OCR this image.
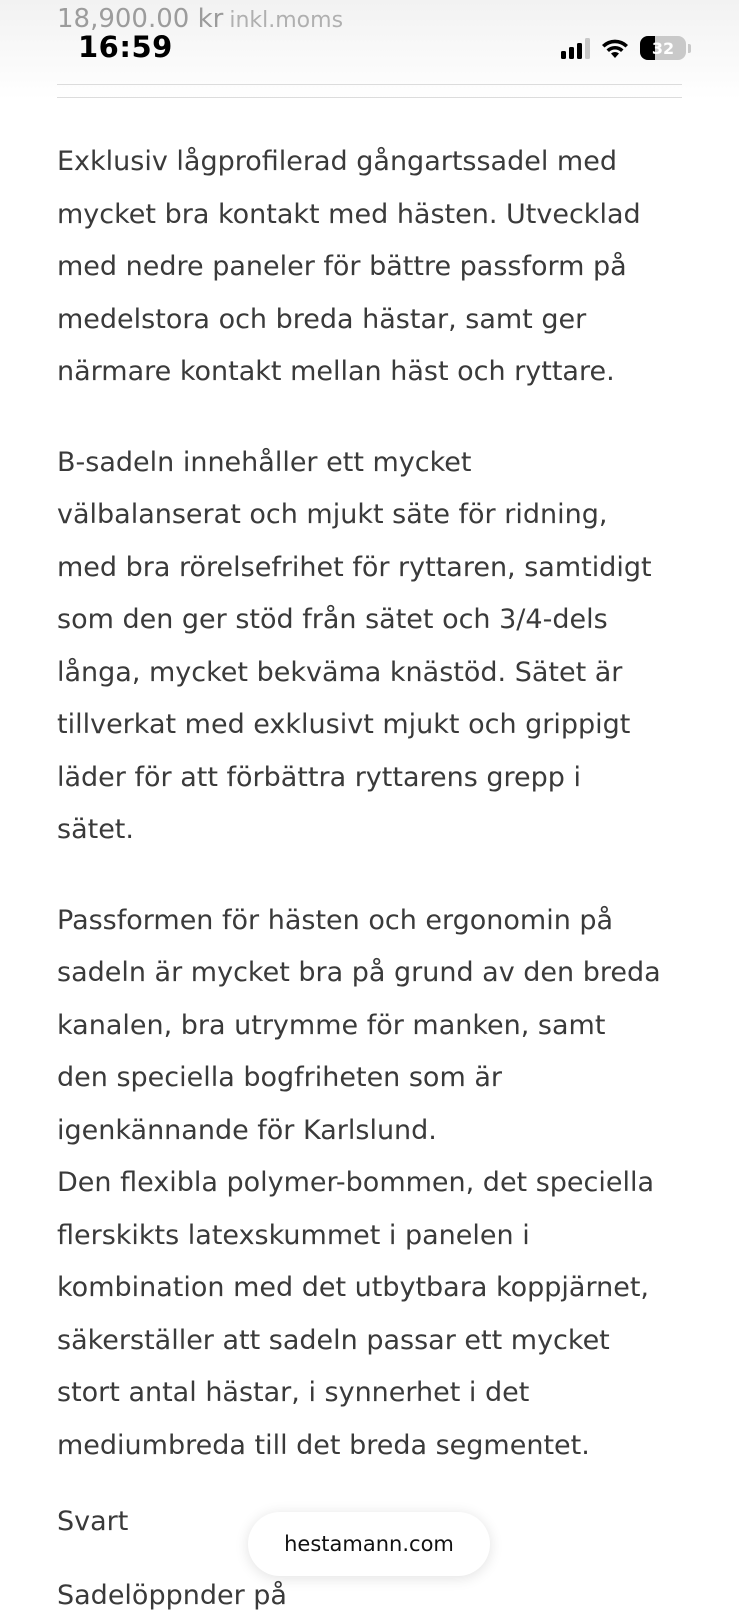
18,900.00 kr inkl.moms
16:59	32

Exklusiv lågprofilerad gångartssadel med
mycket bra kontakt med hästen. Utvecklad
med nedre paneler för bättre passform på
medelstora och breda hästar, samt ger
närmare kontakt mellan häst och ryttare.

B-sadeln innehåller ett mycket
välbalanserat och mjukt säte för ridning,
med bra rörelsefrihet för ryttaren, samtidigt
som den ger stöd från sätet och 3/4-dels
långa, mycket bekväma knästöd. Sätet är
tillverkat med exklusivt mjukt och grippigt
läder för att förbättra ryttarens grepp i
sätet.

Passformen för hästen och ergonomin på
sadeln är mycket bra på grund av den breda
kanalen, bra utrymme för manken, samt
den speciella bogfriheten som är
igenkännande för Karlslund.
Den flexibla polymer-bommen, det speciella
flerskikts latexskummet i panelen i
kombination med det utbytbara koppjärnet,
säkerställer att sadeln passar ett mycket
stort antal hästar, i synnerhet i det
mediumbreda till det breda segmentet.

Svart
Sadelöppnder på
hestamann.com
